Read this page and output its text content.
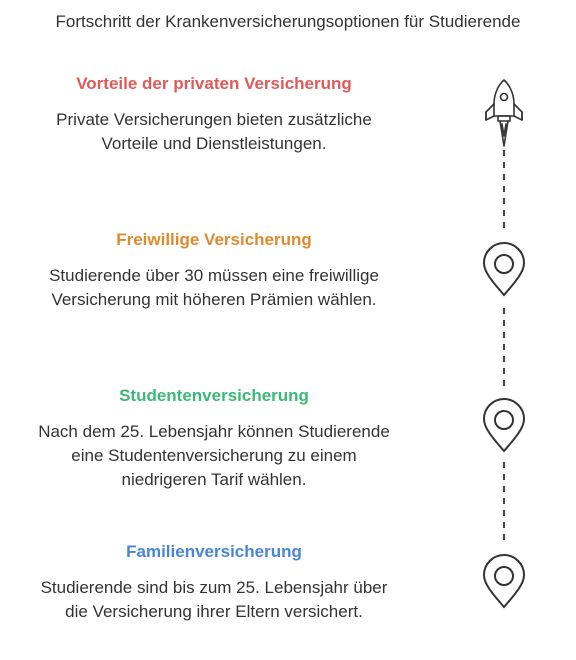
Fortschritt der Krankenversicherungsoptionen für Studierende
Vorteile der privaten Versicherung
Private Versicherungen bieten zusätzliche Vorteile und Dienstleistungen.
Freiwillige Versicherung
Studierende über 30 müssen eine freiwillige Versicherung mit höheren Prämien wählen.
Studentenversicherung
Nach dem 25. Lebensjahr können Studierende eine Studentenversicherung zu einem niedrigeren Tarif wählen.
Familienversicherung
Studierende sind bis zum 25. Lebensjahr über die Versicherung ihrer Eltern versichert.
